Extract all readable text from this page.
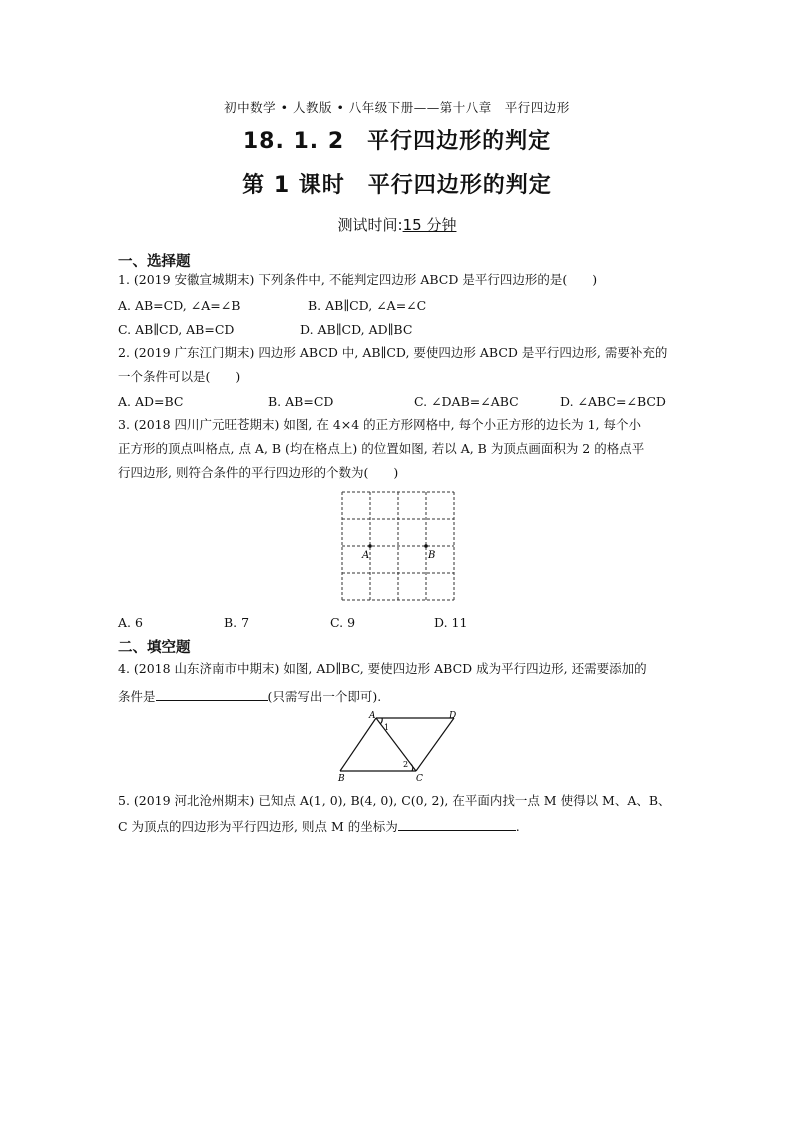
初中数学 • 人教版 • 八年级下册——第十八章　平行四边形
18. 1. 2　平行四边形的判定
第 1 课时　平行四边形的判定
测试时间:15 分钟
一、选择题
1. (2019 安徽宣城期末) 下列条件中, 不能判定四边形 ABCD 是平行四边形的是(　　)
A. AB=CD, ∠A=∠B	B. AB∥CD, ∠A=∠C
C. AB∥CD, AB=CD	D. AB∥CD, AD∥BC
2. (2019 广东江门期末) 四边形 ABCD 中, AB∥CD, 要使四边形 ABCD 是平行四边形, 需要补充的
一个条件可以是(　　)
A. AD=BC	B. AB=CD	C. ∠DAB=∠ABC	D. ∠ABC=∠BCD
3. (2018 四川广元旺苍期末) 如图, 在 4×4 的正方形网格中, 每个小正方形的边长为 1, 每个小
正方形的顶点叫格点, 点 A, B (均在格点上) 的位置如图, 若以 A, B 为顶点画面积为 2 的格点平
行四边形, 则符合条件的平行四边形的个数为(　　)
A	B
A. 6	B. 7	C. 9	D. 11
二、填空题
4. (2018 山东济南市中期末) 如图, AD∥BC, 要使四边形 ABCD 成为平行四边形, 还需要添加的
条件是	(只需写出一个即可).
A	D
B	C
1
2
5. (2019 河北沧州期末) 已知点 A(1, 0), B(4, 0), C(0, 2), 在平面内找一点 M 使得以 M、A、B、
C 为顶点的四边形为平行四边形, 则点 M 的坐标为	.
